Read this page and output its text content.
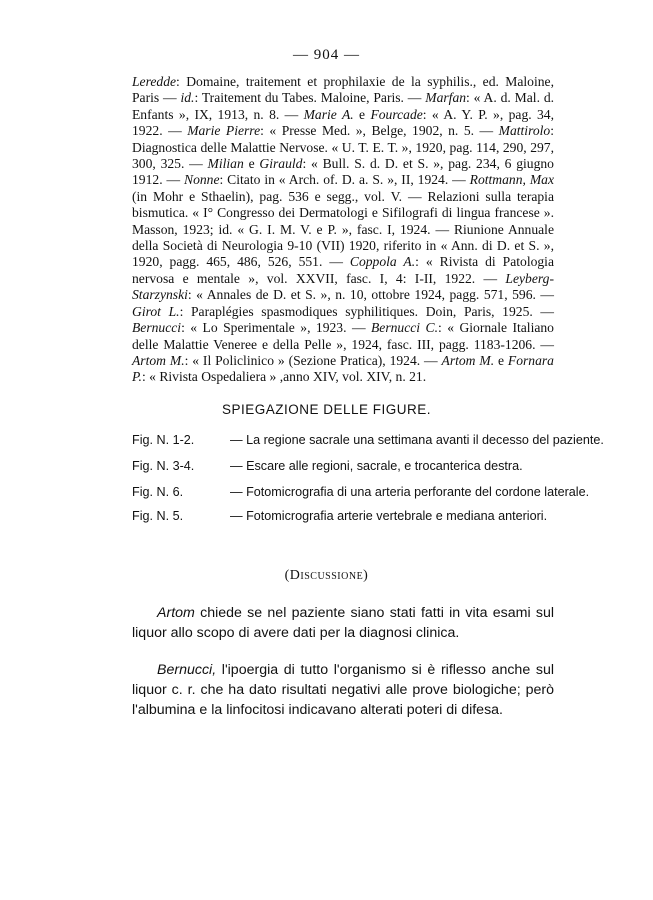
— 904 —

Leredde: Domaine, traitement et prophilaxie de la syphilis., ed. Maloine, Paris — id.: Traitement du Tabes. Maloine, Paris. — Marfan: « A. d. Mal. d. Enfants », IX, 1913, n. 8. — Marie A. e Fourcade: « A. Y. P. », pag. 34, 1922. — Marie Pierre: « Presse Med. », Belge, 1902, n. 5. — Mattirolo: Diagnostica delle Malattie Nervose. « U. T. E. T. », 1920, pag. 114, 290, 297, 300, 325. — Milian e Girauld: « Bull. S. d. D. et S. », pag. 234, 6 giugno 1912. — Nonne: Citato in « Arch. of. D. a. S. », II, 1924. — Rottmann, Max (in Mohr e Sthaelin), pag. 536 e segg., vol. V. — Relazioni sulla terapia bismutica. « I° Congresso dei Dermatologi e Sifilografi di lingua francese ». Masson, 1923; id. « G. I. M. V. e P. », fasc. I, 1924. — Riunione Annuale della Società di Neurologia 9-10 (VII) 1920, riferito in « Ann. di D. et S. », 1920, pagg. 465, 486, 526, 551. — Coppola A.: « Rivista di Patologia nervosa e mentale », vol. XXVII, fasc. I, 4: I-II, 1922. — Leyberg-Starzynski: « Annales de D. et S. », n. 10, ottobre 1924, pagg. 571, 596. — Girot L.: Paraplégies spasmodiques syphilitiques. Doin, Paris, 1925. — Bernucci: « Lo Sperimentale », 1923. — Bernucci C.: « Giornale Italiano delle Malattie Veneree e della Pelle », 1924, fasc. III, pagg. 1183-1206. — Artom M.: « Il Policlinico » (Sezione Pratica), 1924. — Artom M. e Fornara P.: « Rivista Ospedaliera » ,anno XIV, vol. XIV, n. 21.

SPIEGAZIONE DELLE FIGURE.
Fig. N. 1-2.	— La regione sacrale una settimana avanti il decesso del paziente.
Fig. N. 3-4.	— Escare alle regioni, sacrale, e trocanterica destra.
Fig. N. 6.	— Fotomicrografia di una arteria perforante del cordone laterale.
Fig. N. 5.	— Fotomicrografia arterie vertebrale e mediana anteriori.
(Discussione)
Artom chiede se nel paziente siano stati fatti in vita esami sul liquor allo scopo di avere dati per la diagnosi clinica.
Bernucci, l'ipoergia di tutto l'organismo si è riflesso anche sul liquor c. r. che ha dato risultati negativi alle prove biologiche; però l'albumina e la linfocitosi indicavano alterati poteri di difesa.
